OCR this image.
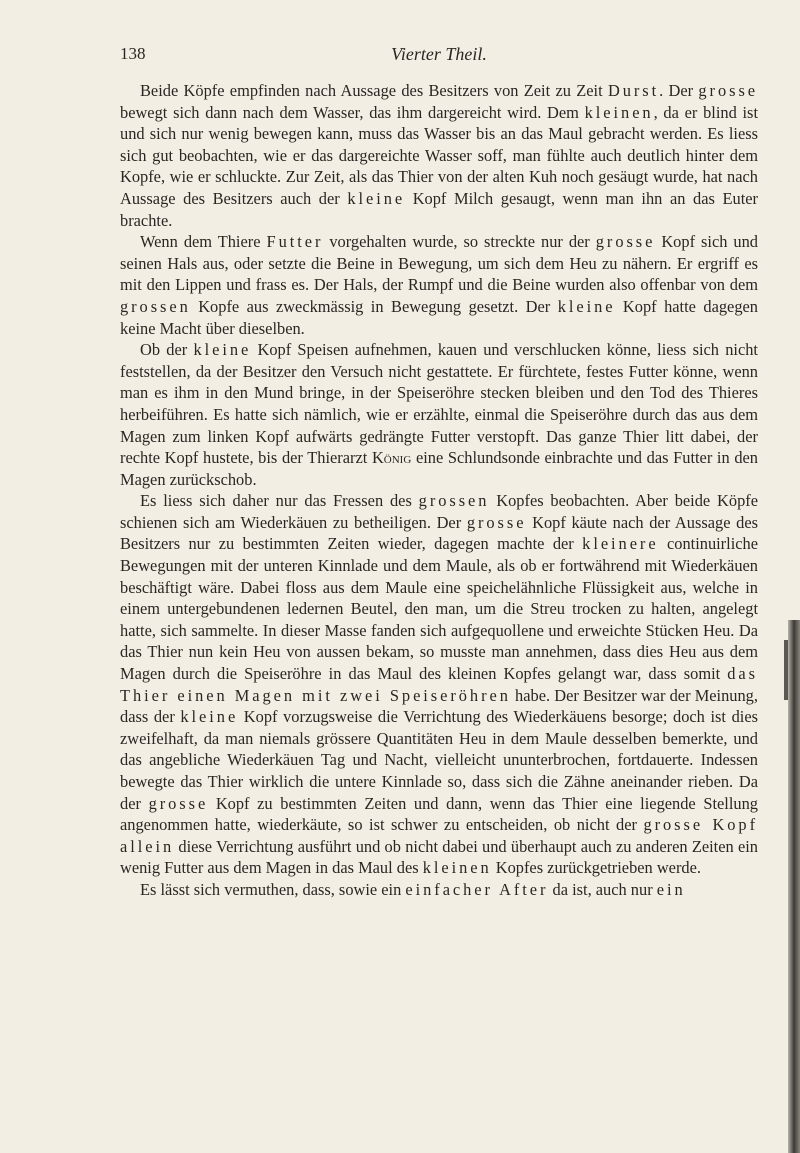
138	Vierter Theil.

Beide Köpfe empfinden nach Aussage des Besitzers von Zeit zu Zeit Durst. Der grosse bewegt sich dann nach dem Wasser, das ihm dargereicht wird. Dem kleinen, da er blind ist und sich nur wenig bewegen kann, muss das Wasser bis an das Maul gebracht werden. Es liess sich gut beobachten, wie er das dargereichte Wasser soff, man fühlte auch deutlich hinter dem Kopfe, wie er schluckte. Zur Zeit, als das Thier von der alten Kuh noch gesäugt wurde, hat nach Aussage des Besitzers auch der kleine Kopf Milch gesaugt, wenn man ihn an das Euter brachte.

Wenn dem Thiere Futter vorgehalten wurde, so streckte nur der grosse Kopf sich und seinen Hals aus, oder setzte die Beine in Bewegung, um sich dem Heu zu nähern. Er ergriff es mit den Lippen und frass es. Der Hals, der Rumpf und die Beine wurden also offenbar von dem grossen Kopfe aus zweckmässig in Bewegung gesetzt. Der kleine Kopf hatte dagegen keine Macht über dieselben.

Ob der kleine Kopf Speisen aufnehmen, kauen und verschlucken könne, liess sich nicht feststellen, da der Besitzer den Versuch nicht gestattete. Er fürchtete, festes Futter könne, wenn man es ihm in den Mund bringe, in der Speiseröhre stecken bleiben und den Tod des Thieres herbeiführen. Es hatte sich nämlich, wie er erzählte, einmal die Speiseröhre durch das aus dem Magen zum linken Kopf aufwärts gedrängte Futter verstopft. Das ganze Thier litt dabei, der rechte Kopf hustete, bis der Thierarzt König eine Schlundsonde einbrachte und das Futter in den Magen zurückschob.

Es liess sich daher nur das Fressen des grossen Kopfes beobachten. Aber beide Köpfe schienen sich am Wiederkäuen zu betheiligen. Der grosse Kopf käute nach der Aussage des Besitzers nur zu bestimmten Zeiten wieder, dagegen machte der kleinere continuirliche Bewegungen mit der unteren Kinnlade und dem Maule, als ob er fortwährend mit Wiederkäuen beschäftigt wäre. Dabei floss aus dem Maule eine speichelähnliche Flüssigkeit aus, welche in einem untergebundenen ledernen Beutel, den man, um die Streu trocken zu halten, angelegt hatte, sich sammelte. In dieser Masse fanden sich aufgequollene und erweichte Stücken Heu. Da das Thier nun kein Heu von aussen bekam, so musste man annehmen, dass dies Heu aus dem Magen durch die Speiseröhre in das Maul des kleinen Kopfes gelangt war, dass somit das Thier einen Magen mit zwei Speiseröhren habe. Der Besitzer war der Meinung, dass der kleine Kopf vorzugsweise die Verrichtung des Wiederkäuens besorge; doch ist dies zweifelhaft, da man niemals grössere Quantitäten Heu in dem Maule desselben bemerkte, und das angebliche Wiederkäuen Tag und Nacht, vielleicht ununterbrochen, fortdauerte. Indessen bewegte das Thier wirklich die untere Kinnlade so, dass sich die Zähne aneinander rieben. Da der grosse Kopf zu bestimmten Zeiten und dann, wenn das Thier eine liegende Stellung angenommen hatte, wiederkäute, so ist schwer zu entscheiden, ob nicht der grosse Kopf allein diese Verrichtung ausführt und ob nicht dabei und überhaupt auch zu anderen Zeiten ein wenig Futter aus dem Magen in das Maul des kleinen Kopfes zurückgetrieben werde.

Es lässt sich vermuthen, dass, sowie ein einfacher After da ist, auch nur ein
